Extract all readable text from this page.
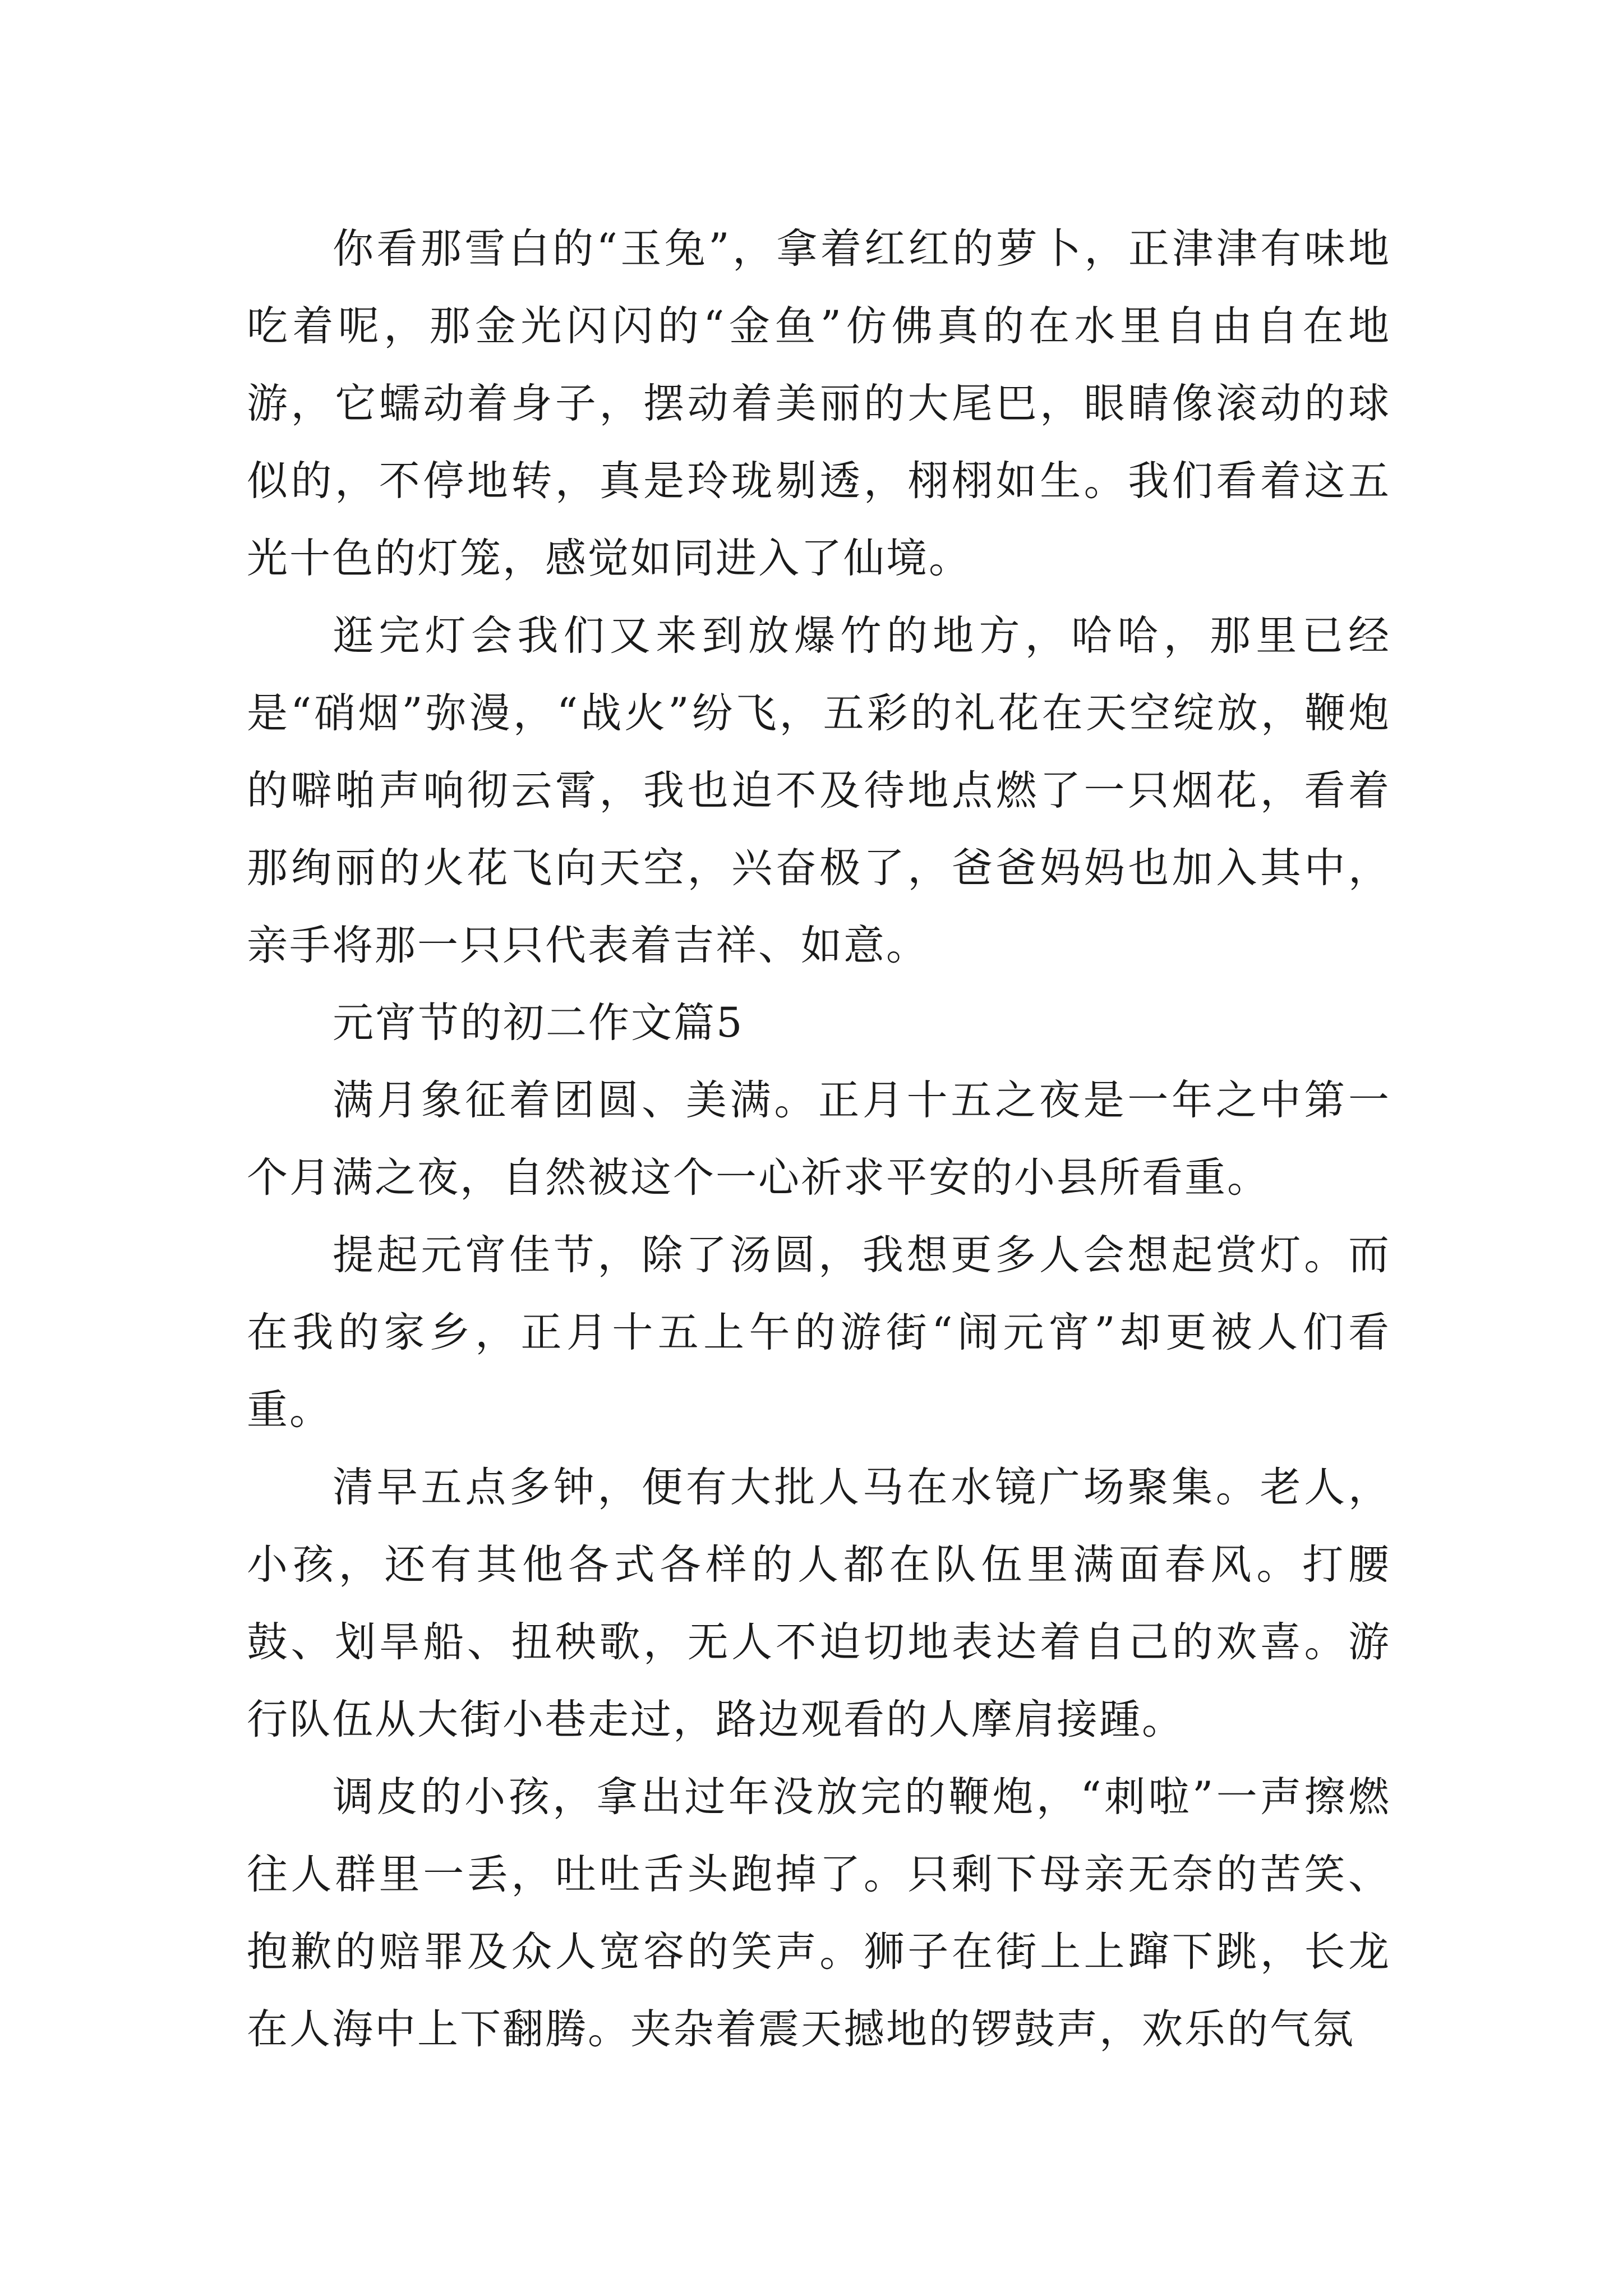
你看那雪白的“玉兔”，拿着红红的萝卜，正津津有味地吃着呢，那金光闪闪的“金鱼”仿佛真的在水里自由自在地游，它蠕动着身子，摆动着美丽的大尾巴，眼睛像滚动的球似的，不停地转，真是玲珑剔透，栩栩如生。我们看着这五光十色的灯笼，感觉如同进入了仙境。

逛完灯会我们又来到放爆竹的地方，哈哈，那里已经是“硝烟”弥漫，“战火”纷飞，五彩的礼花在天空绽放，鞭炮的噼啪声响彻云霄，我也迫不及待地点燃了一只烟花，看着那绚丽的火花飞向天空，兴奋极了，爸爸妈妈也加入其中，亲手将那一只只代表着吉祥、如意。

元宵节的初二作文篇5

满月象征着团圆、美满。正月十五之夜是一年之中第一个月满之夜，自然被这个一心祈求平安的小县所看重。

提起元宵佳节，除了汤圆，我想更多人会想起赏灯。而在我的家乡，正月十五上午的游街“闹元宵”却更被人们看重。

清早五点多钟，便有大批人马在水镜广场聚集。老人，小孩，还有其他各式各样的人都在队伍里满面春风。打腰鼓、划旱船、扭秧歌，无人不迫切地表达着自己的欢喜。游行队伍从大街小巷走过，路边观看的人摩肩接踵。

调皮的小孩，拿出过年没放完的鞭炮，“刺啦”一声擦燃往人群里一丢，吐吐舌头跑掉了。只剩下母亲无奈的苦笑、抱歉的赔罪及众人宽容的笑声。狮子在街上上蹿下跳，长龙在人海中上下翻腾。夹杂着震天撼地的锣鼓声，欢乐的气氛
